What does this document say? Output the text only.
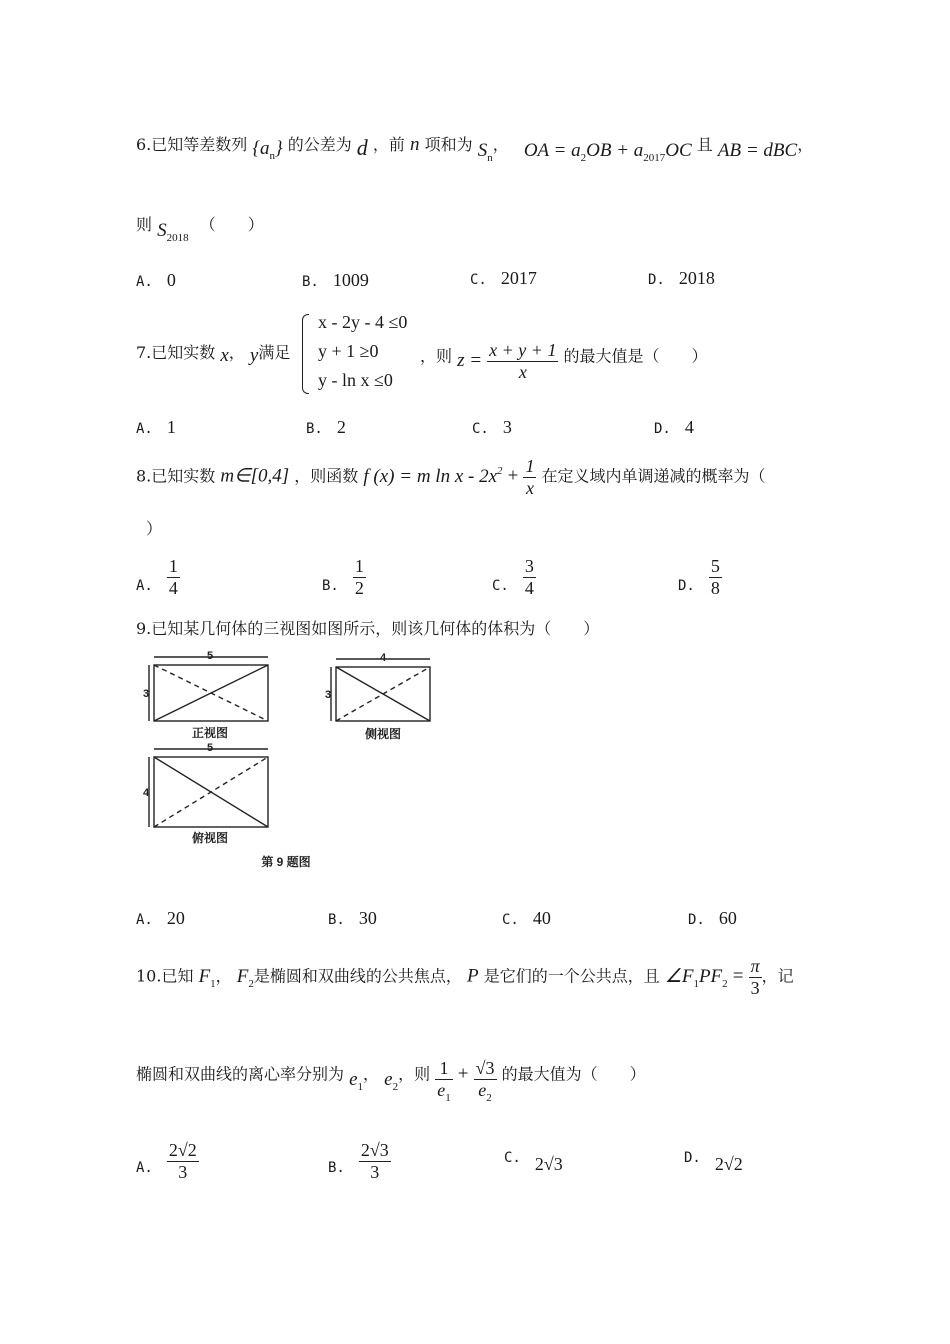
6.已知等差数列 $\{a_n\}$ 的公差为 d ，前 n 项和为 $S_n$， OA = $a_2OB + a_{2017}OC$ 且 AB = dBC，
则 $S_{2018}$ （　　）
A. 0	B. 1009	C. 2017	D. 2018
7.已知实数 x， y满足
x - 2y - 4 ≤0
y + 1 ≥0
y - ln x ≤0
，则 $z = \frac{x + y + 1}{x}$ 的最大值是（　　）
A. 1	B. 2	C. 3	D. 4
8.已知实数 m∈[0,4] ，则函数 f (x) = m $\ln x - 2x^2 + \frac{1}{x}$ 在定义域内单调递减的概率为（
）
A. $\frac{1}{4}$	B. $\frac{1}{2}$	C. $\frac{3}{4}$	D. $\frac{5}{8}$
9.已知某几何体的三视图如图所示，则该几何体的体积为（　　）
5
3
正视图
4
3
侧视图
5
4
俯视图
第 9 题图
A. 20	B. 30	C. 40	D. 60
10.已知 $F_1$， $F_2$是椭圆和双曲线的公共焦点， P 是它们的一个公共点，且 $\angle F_1PF_2 = \frac{\pi}{3}$ ，记
椭圆和双曲线的离心率分别为 $e_1$， $e_2$，则 $\frac{1}{e_1} + \frac{√3}{e_2}$ 的最大值为（　　）
A. $\frac{2√2}{3}$	B. $\frac{2√3}{3}$	C. 2√3	D. 2√2
